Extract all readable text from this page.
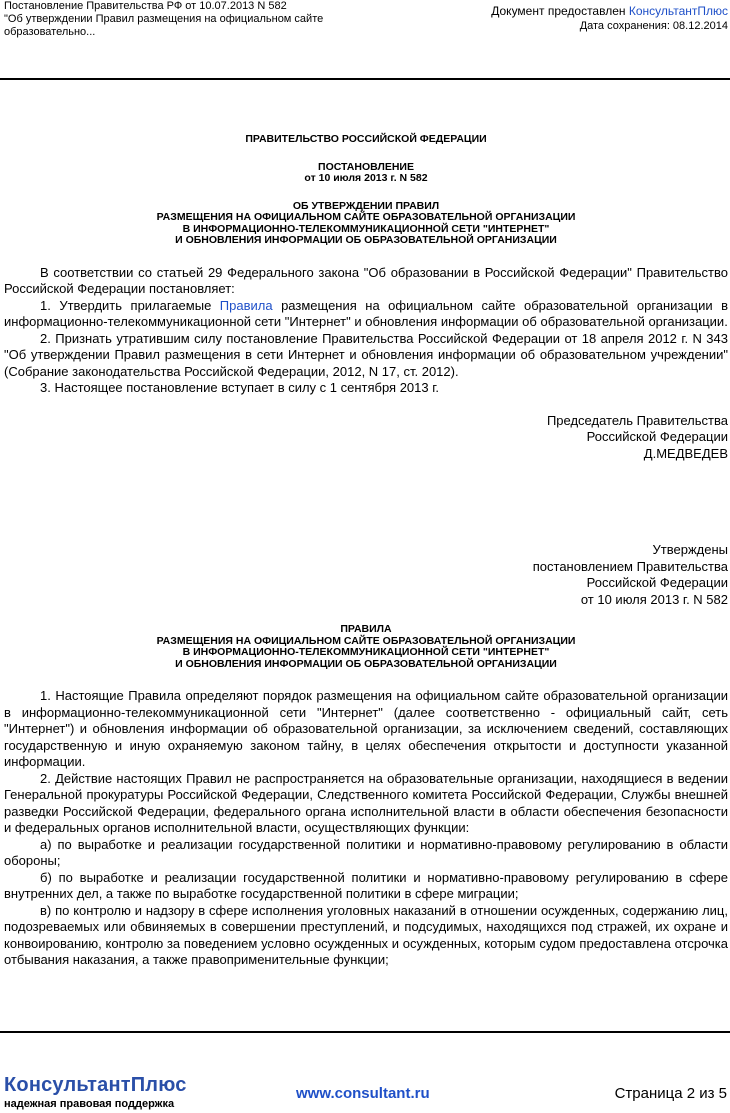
Постановление Правительства РФ от 10.07.2013 N 582
"Об утверждении Правил размещения на официальном сайте
образовательно...
Документ предоставлен КонсультантПлюс
Дата сохранения: 08.12.2014
ПРАВИТЕЛЬСТВО РОССИЙСКОЙ ФЕДЕРАЦИИ
ПОСТАНОВЛЕНИЕ
от 10 июля 2013 г. N 582
ОБ УТВЕРЖДЕНИИ ПРАВИЛ
РАЗМЕЩЕНИЯ НА ОФИЦИАЛЬНОМ САЙТЕ ОБРАЗОВАТЕЛЬНОЙ ОРГАНИЗАЦИИ
В ИНФОРМАЦИОННО-ТЕЛЕКОММУНИКАЦИОННОЙ СЕТИ "ИНТЕРНЕТ"
И ОБНОВЛЕНИЯ ИНФОРМАЦИИ ОБ ОБРАЗОВАТЕЛЬНОЙ ОРГАНИЗАЦИИ

В соответствии со статьей 29 Федерального закона "Об образовании в Российской Федерации" Правительство Российской Федерации постановляет:

1. Утвердить прилагаемые Правила размещения на официальном сайте образовательной организации в информационно-телекоммуникационной сети "Интернет" и обновления информации об образовательной организации.

2. Признать утратившим силу постановление Правительства Российской Федерации от 18 апреля 2012 г. N 343 "Об утверждении Правил размещения в сети Интернет и обновления информации об образовательном учреждении" (Собрание законодательства Российской Федерации, 2012, N 17, ст. 2012).

3. Настоящее постановление вступает в силу с 1 сентября 2013 г.

Председатель Правительства
Российской Федерации
Д.МЕДВЕДЕВ
Утверждены
постановлением Правительства
Российской Федерации
от 10 июля 2013 г. N 582
ПРАВИЛА
РАЗМЕЩЕНИЯ НА ОФИЦИАЛЬНОМ САЙТЕ ОБРАЗОВАТЕЛЬНОЙ ОРГАНИЗАЦИИ
В ИНФОРМАЦИОННО-ТЕЛЕКОММУНИКАЦИОННОЙ СЕТИ "ИНТЕРНЕТ"
И ОБНОВЛЕНИЯ ИНФОРМАЦИИ ОБ ОБРАЗОВАТЕЛЬНОЙ ОРГАНИЗАЦИИ

1. Настоящие Правила определяют порядок размещения на официальном сайте образовательной организации в информационно-телекоммуникационной сети "Интернет" (далее соответственно - официальный сайт, сеть "Интернет") и обновления информации об образовательной организации, за исключением сведений, составляющих государственную и иную охраняемую законом тайну, в целях обеспечения открытости и доступности указанной информации.

2. Действие настоящих Правил не распространяется на образовательные организации, находящиеся в ведении Генеральной прокуратуры Российской Федерации, Следственного комитета Российской Федерации, Службы внешней разведки Российской Федерации, федерального органа исполнительной власти в области обеспечения безопасности и федеральных органов исполнительной власти, осуществляющих функции:

а) по выработке и реализации государственной политики и нормативно-правовому регулированию в области обороны;

б) по выработке и реализации государственной политики и нормативно-правовому регулированию в сфере внутренних дел, а также по выработке государственной политики в сфере миграции;

в) по контролю и надзору в сфере исполнения уголовных наказаний в отношении осужденных, содержанию лиц, подозреваемых или обвиняемых в совершении преступлений, и подсудимых, находящихся под стражей, их охране и конвоированию, контролю за поведением условно осужденных и осужденных, которым судом предоставлена отсрочка отбывания наказания, а также правоприменительные функции;

КонсультантПлюс
надежная правовая поддержка
www.consultant.ru	Страница 2 из 5
